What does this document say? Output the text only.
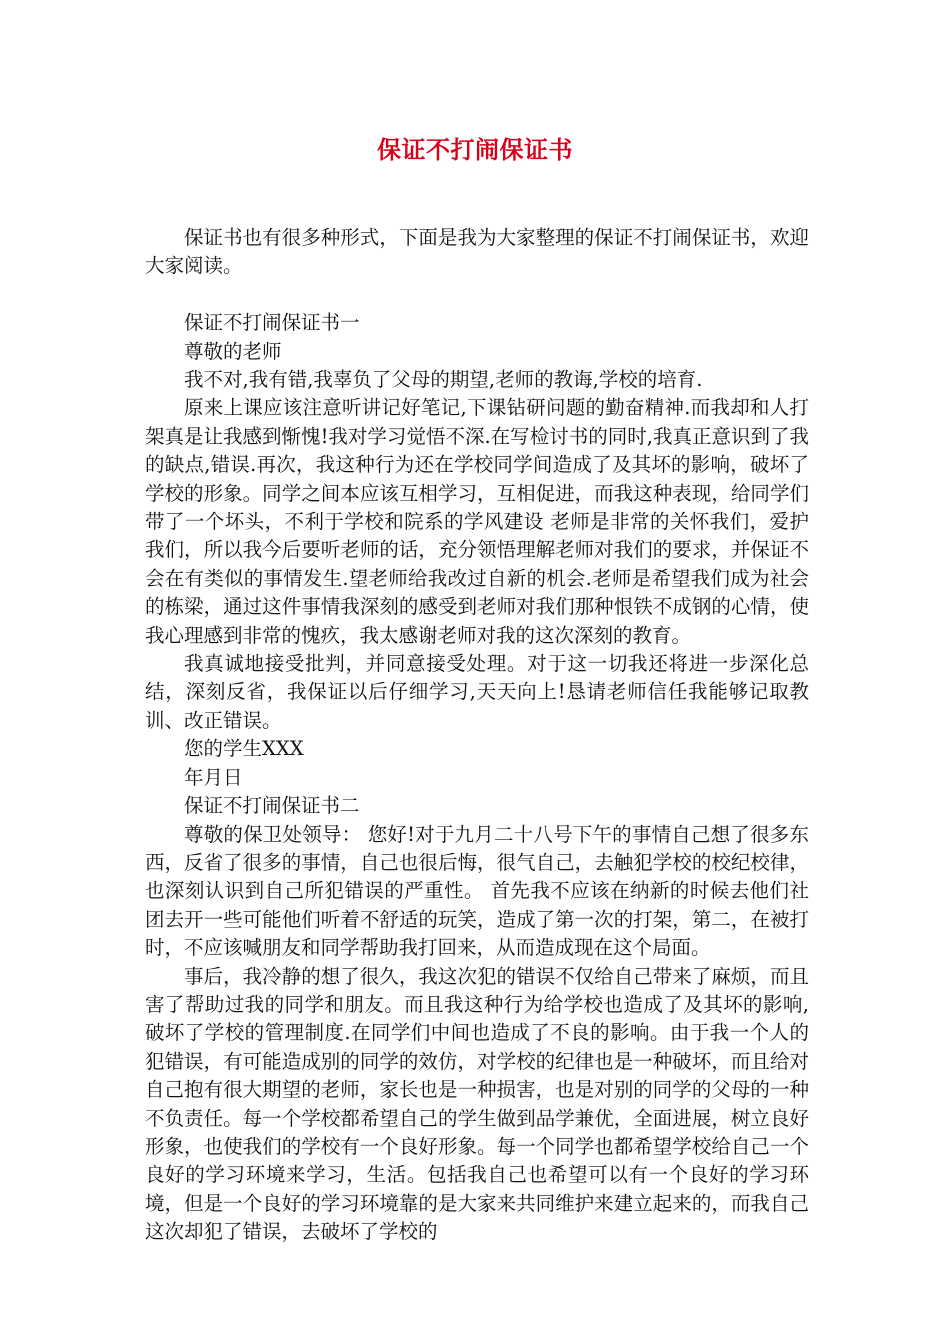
保证不打闹保证书

保证书也有很多种形式，下面是我为大家整理的保证不打闹保证书，欢迎大家阅读。

保证不打闹保证书一

尊敬的老师

我不对,我有错,我辜负了父母的期望,老师的教诲,学校的培育.

原来上课应该注意听讲记好笔记,下课钻研问题的勤奋精神.而我却和人打架真是让我感到惭愧!我对学习觉悟不深.在写检讨书的同时,我真正意识到了我的缺点,错误.再次，我这种行为还在学校同学间造成了及其坏的影响，破坏了学校的形象。同学之间本应该互相学习，互相促进，而我这种表现，给同学们带了一个坏头，不利于学校和院系的学风建设 老师是非常的关怀我们，爱护我们，所以我今后要听老师的话，充分领悟理解老师对我们的要求，并保证不会在有类似的事情发生.望老师给我改过自新的机会.老师是希望我们成为社会的栋梁，通过这件事情我深刻的感受到老师对我们那种恨铁不成钢的心情，使我心理感到非常的愧疚，我太感谢老师对我的这次深刻的教育。

我真诚地接受批判，并同意接受处理。对于这一切我还将进一步深化总结，深刻反省，我保证以后仔细学习,天天向上!恳请老师信任我能够记取教训、改正错误。

您的学生XXX

年月日

保证不打闹保证书二

尊敬的保卫处领导： 您好!对于九月二十八号下午的事情自己想了很多东西，反省了很多的事情，自己也很后悔，很气自己，去触犯学校的校纪校律，也深刻认识到自己所犯错误的严重性。 首先我不应该在纳新的时候去他们社团去开一些可能他们听着不舒适的玩笑，造成了第一次的打架，第二，在被打时，不应该喊朋友和同学帮助我打回来，从而造成现在这个局面。

事后，我冷静的想了很久，我这次犯的错误不仅给自己带来了麻烦，而且害了帮助过我的同学和朋友。而且我这种行为给学校也造成了及其坏的影响,破坏了学校的管理制度.在同学们中间也造成了不良的影响。由于我一个人的犯错误，有可能造成别的同学的效仿，对学校的纪律也是一种破坏，而且给对自己抱有很大期望的老师，家长也是一种损害，也是对别的同学的父母的一种不负责任。每一个学校都希望自己的学生做到品学兼优，全面进展，树立良好形象，也使我们的学校有一个良好形象。每一个同学也都希望学校给自己一个良好的学习环境来学习，生活。包括我自己也希望可以有一个良好的学习环境，但是一个良好的学习环境靠的是大家来共同维护来建立起来的，而我自己这次却犯了错误，去破坏了学校的
